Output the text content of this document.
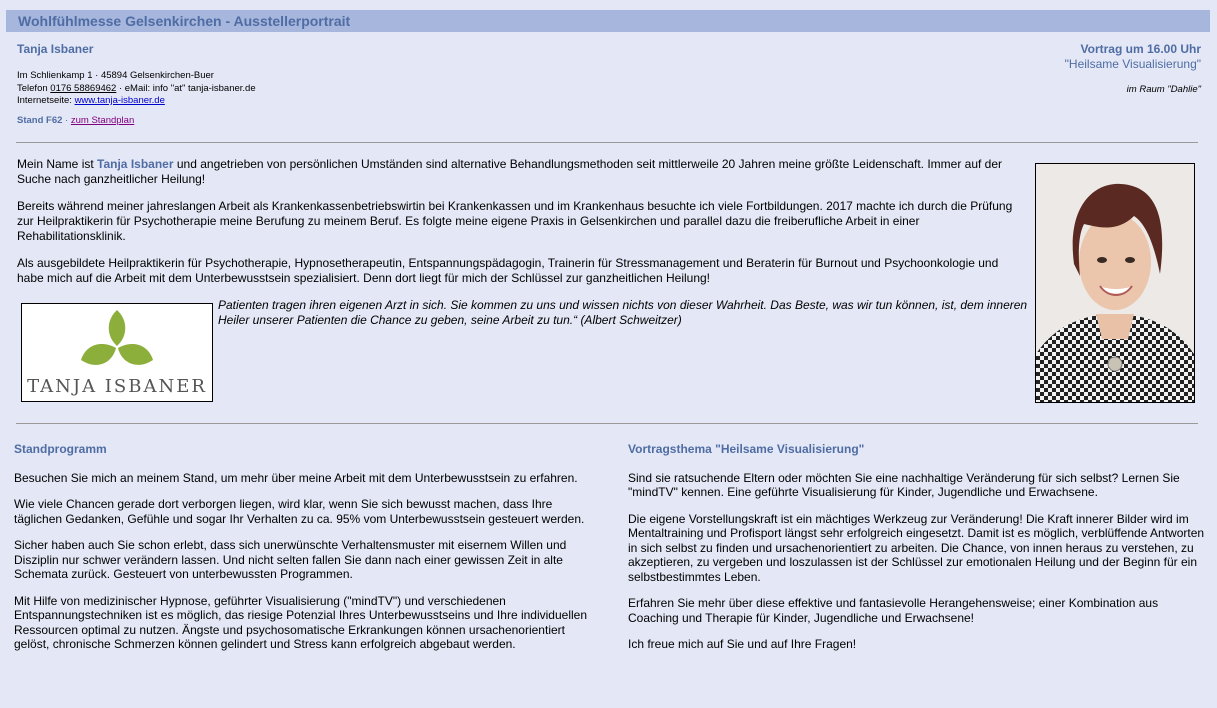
Wohlfühlmesse Gelsenkirchen - Ausstellerportrait
Tanja Isbaner
Im Schlienkamp 1 · 45894 Gelsenkirchen-Buer
Telefon 0176 58869462 · eMail: info "at" tanja-isbaner.de
Internetseite: www.tanja-isbaner.de
Stand F62 · zum Standplan
Vortrag um 16.00 Uhr
"Heilsame Visualisierung"
im Raum "Dahlie"

Mein Name ist Tanja Isbaner und angetrieben von persönlichen Umständen sind alternative Behandlungsmethoden seit mittlerweile 20 Jahren meine größte Leidenschaft. Immer auf der Suche nach ganzheitlicher Heilung!

Bereits während meiner jahreslangen Arbeit als Krankenkassenbetriebswirtin bei Krankenkassen und im Krankenhaus besuchte ich viele Fortbildungen. 2017 machte ich durch die Prüfung zur Heilpraktikerin für Psychotherapie meine Berufung zu meinem Beruf. Es folgte meine eigene Praxis in Gelsenkirchen und parallel dazu die freiberufliche Arbeit in einer Rehabilitationsklinik.

Als ausgebildete Heilpraktikerin für Psychotherapie, Hypnosetherapeutin, Entspannungspädagogin, Trainerin für Stressmanagement und Beraterin für Burnout und Psychoonkologie und habe mich auf die Arbeit mit dem Unterbewusstsein spezialisiert. Denn dort liegt für mich der Schlüssel zur ganzheitlichen Heilung!

TANJA ISBANER
Patienten tragen ihren eigenen Arzt in sich. Sie kommen zu uns und wissen nichts von dieser Wahrheit. Das Beste, was wir tun können, ist, dem inneren Heiler unserer Patienten die Chance zu geben, seine Arbeit zu tun.“ (Albert Schweitzer)
Standprogramm

Besuchen Sie mich an meinem Stand, um mehr über meine Arbeit mit dem Unterbewusstsein zu erfahren.

Wie viele Chancen gerade dort verborgen liegen, wird klar, wenn Sie sich bewusst machen, dass Ihre täglichen Gedanken, Gefühle und sogar Ihr Verhalten zu ca. 95% vom Unterbewusstsein gesteuert werden.

Sicher haben auch Sie schon erlebt, dass sich unerwünschte Verhaltensmuster mit eisernem Willen und Disziplin nur schwer verändern lassen. Und nicht selten fallen Sie dann nach einer gewissen Zeit in alte Schemata zurück. Gesteuert von unterbewussten Programmen.

Mit Hilfe von medizinischer Hypnose, geführter Visualisierung ("mindTV") und verschiedenen Entspannungstechniken ist es möglich, das riesige Potenzial Ihres Unterbewusstseins und Ihre individuellen Ressourcen optimal zu nutzen. Ängste und psychosomatische Erkrankungen können ursachenorientiert gelöst, chronische Schmerzen können gelindert und Stress kann erfolgreich abgebaut werden.

Vortragsthema "Heilsame Visualisierung"

Sind sie ratsuchende Eltern oder möchten Sie eine nachhaltige Veränderung für sich selbst? Lernen Sie "mindTV" kennen. Eine geführte Visualisierung für Kinder, Jugendliche und Erwachsene.

Die eigene Vorstellungskraft ist ein mächtiges Werkzeug zur Veränderung! Die Kraft innerer Bilder wird im Mentaltraining und Profisport längst sehr erfolgreich eingesetzt. Damit ist es möglich, verblüffende Antworten in sich selbst zu finden und ursachenorientiert zu arbeiten. Die Chance, von innen heraus zu verstehen, zu akzeptieren, zu vergeben und loszulassen ist der Schlüssel zur emotionalen Heilung und der Beginn für ein selbstbestimmtes Leben.

Erfahren Sie mehr über diese effektive und fantasievolle Herangehensweise; einer Kombination aus Coaching und Therapie für Kinder, Jugendliche und Erwachsene!

Ich freue mich auf Sie und auf Ihre Fragen!
